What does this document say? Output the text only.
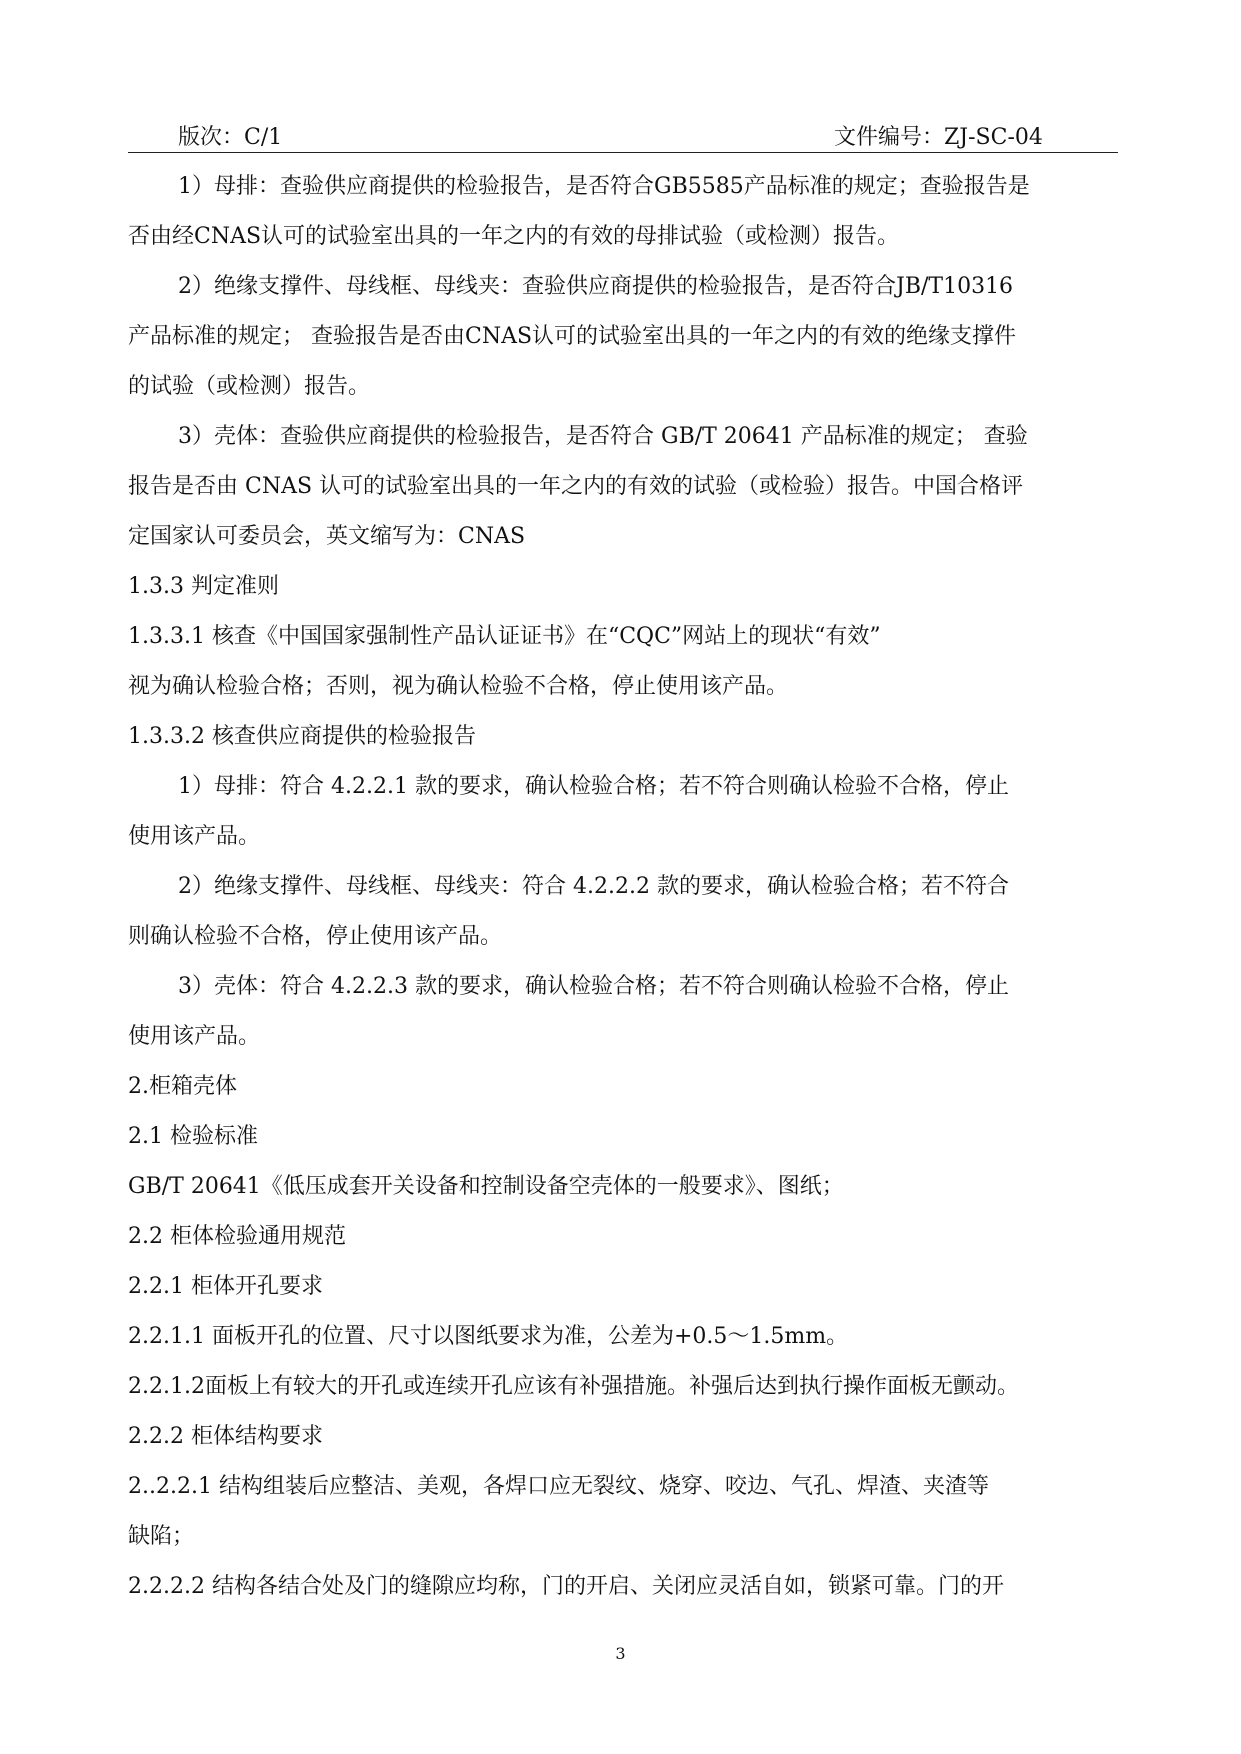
版次：C/1	文件编号：ZJ-SC-04

1）母排：查验供应商提供的检验报告，是否符合GB5585产品标准的规定；查验报告是

否由经CNAS认可的试验室出具的一年之内的有效的母排试验（或检测）报告。

2）绝缘支撑件、母线框、母线夹：查验供应商提供的检验报告，是否符合JB/T10316

产品标准的规定； 查验报告是否由CNAS认可的试验室出具的一年之内的有效的绝缘支撑件

的试验（或检测）报告。

3）壳体：查验供应商提供的检验报告，是否符合 GB/T 20641 产品标准的规定； 查验

报告是否由 CNAS 认可的试验室出具的一年之内的有效的试验（或检验）报告。中国合格评

定国家认可委员会，英文缩写为：CNAS

1.3.3 判定准则

1.3.3.1 核查《中国国家强制性产品认证证书》在“CQC”网站上的现状“有效”

视为确认检验合格；否则，视为确认检验不合格，停止使用该产品。

1.3.3.2 核查供应商提供的检验报告

1）母排：符合 4.2.2.1 款的要求，确认检验合格；若不符合则确认检验不合格，停止

使用该产品。

2）绝缘支撑件、母线框、母线夹：符合 4.2.2.2 款的要求，确认检验合格；若不符合

则确认检验不合格，停止使用该产品。

3）壳体：符合 4.2.2.3 款的要求，确认检验合格；若不符合则确认检验不合格，停止

使用该产品。

2.柜箱壳体

2.1 检验标准

GB/T 20641《低压成套开关设备和控制设备空壳体的一般要求》、图纸；

2.2 柜体检验通用规范

2.2.1 柜体开孔要求

2.2.1.1 面板开孔的位置、尺寸以图纸要求为准，公差为+0.5～1.5mm。

2.2.1.2面板上有较大的开孔或连续开孔应该有补强措施。补强后达到执行操作面板无颤动。

2.2.2 柜体结构要求

2..2.2.1 结构组装后应整洁、美观，各焊口应无裂纹、烧穿、咬边、气孔、焊渣、夹渣等

缺陷；

2.2.2.2 结构各结合处及门的缝隙应均称，门的开启、关闭应灵活自如，锁紧可靠。门的开

3
